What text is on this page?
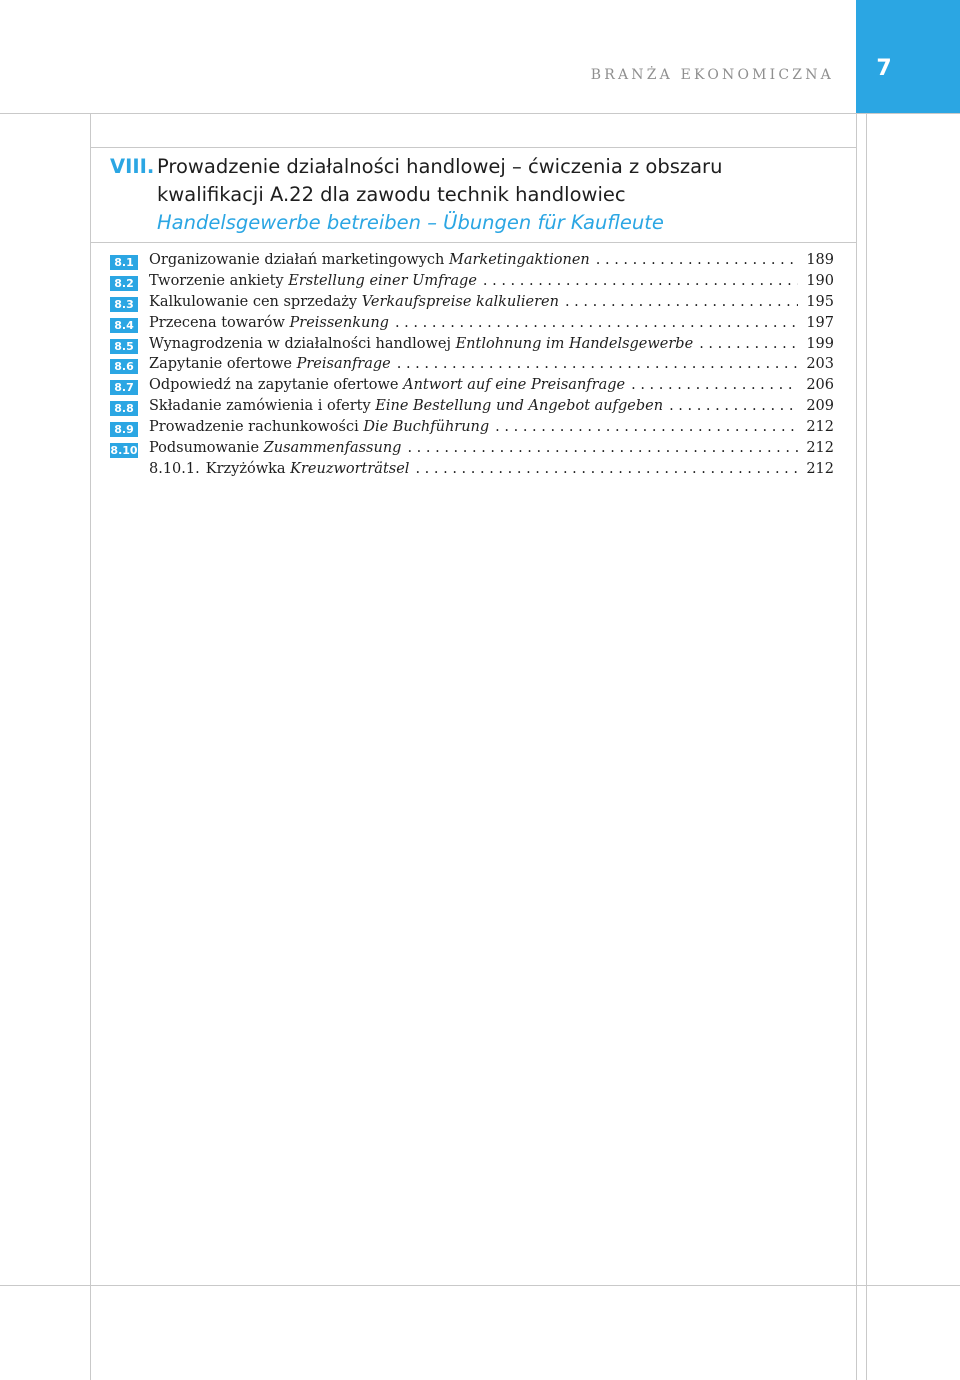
7
BRANŻA EKONOMICZNA
VIII. Prowadzenie działalności handlowej – ćwiczenia z obszaru
kwalifikacji A.22 dla zawodu technik handlowiec
Handelsgewerbe betreiben – Übungen für Kaufleute
8.1 Organizowanie działań marketingowych Marketingaktionen . . .	189
8.2 Tworzenie ankiety Erstellung einer Umfrage . . .	190
8.3 Kalkulowanie cen sprzedaży Verkaufspreise kalkulieren . . .	195
8.4 Przecena towarów Preissenkung . . .	197
8.5 Wynagrodzenia w działalności handlowej Entlohnung im Handelsgewerbe . . .	199
8.6 Zapytanie ofertowe Preisanfrage . . .	203
8.7 Odpowiedź na zapytanie ofertowe Antwort auf eine Preisanfrage . . .	206
8.8 Składanie zamówienia i oferty Eine Bestellung und Angebot aufgeben . . .	209
8.9 Prowadzenie rachunkowości Die Buchführung . . .	212
8.10 Podsumowanie Zusammenfassung . . .	212
8.10.1. Krzyżówka Kreuzworträtsel . . .	212
